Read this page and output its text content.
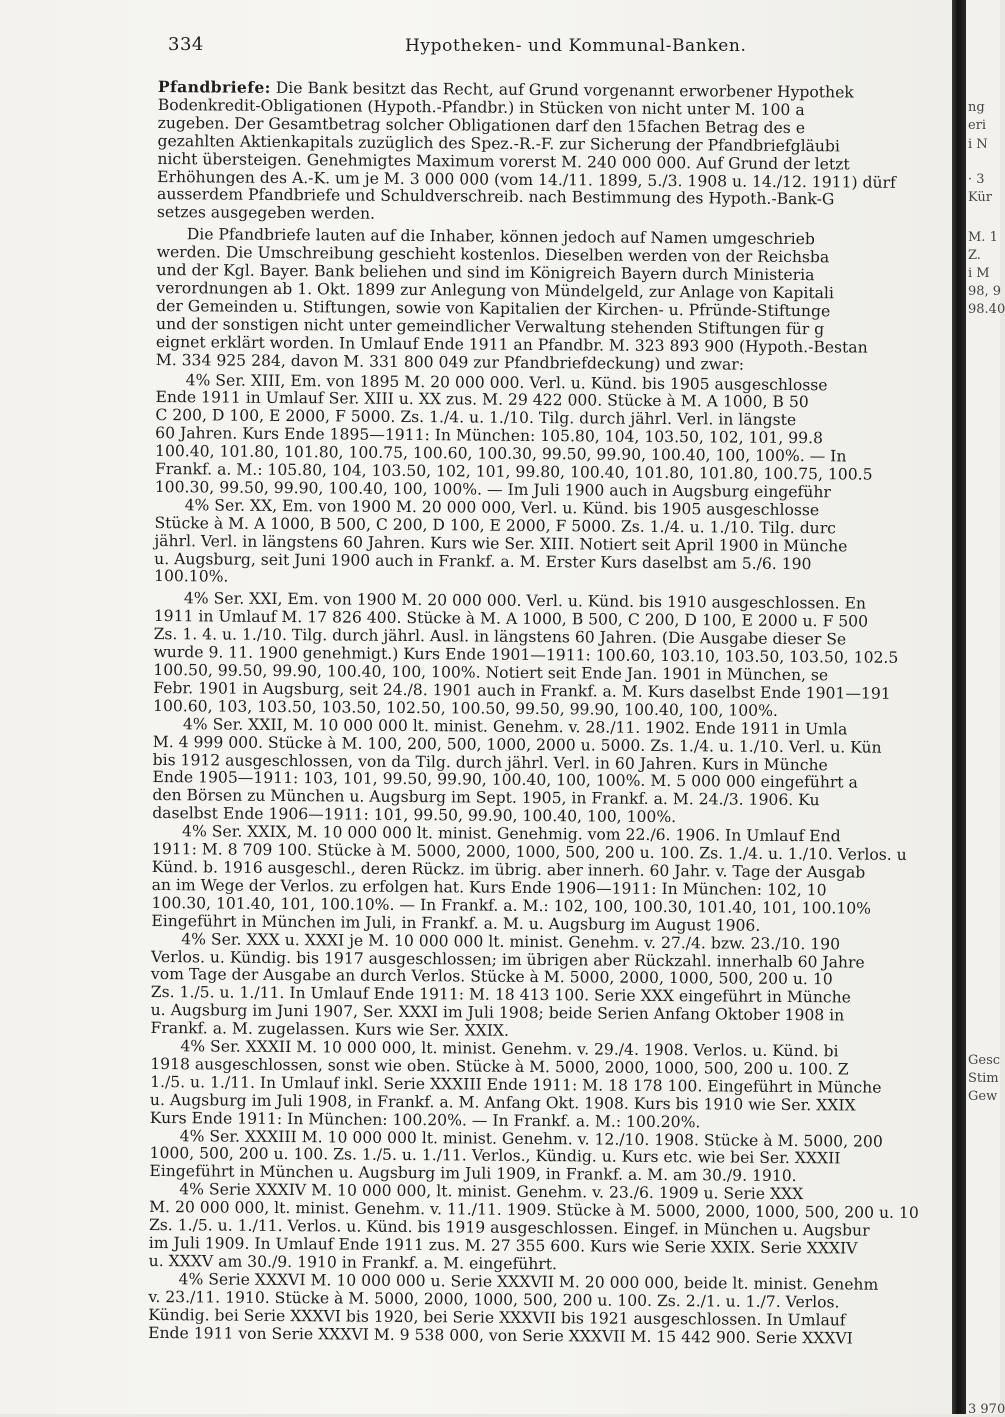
334	Hypotheken- und Kommunal-Banken.
Pfandbriefe: Die Bank besitzt das Recht, auf Grund vorgenannt erworbener Hypothek
Bodenkredit-Obligationen (Hypoth.-Pfandbr.) in Stücken von nicht unter M. 100 a
zugeben. Der Gesamtbetrag solcher Obligationen darf den 15fachen Betrag des e
gezahlten Aktienkapitals zuzüglich des Spez.-R.-F. zur Sicherung der Pfandbriefgläubi
nicht übersteigen. Genehmigtes Maximum vorerst M. 240 000 000. Auf Grund der letzt
Erhöhungen des A.-K. um je M. 3 000 000 (vom 14./11. 1899, 5./3. 1908 u. 14./12. 1911) dürf
ausserdem Pfandbriefe und Schuldverschreib. nach Bestimmung des Hypoth.-Bank-G
setzes ausgegeben werden.
Die Pfandbriefe lauten auf die Inhaber, können jedoch auf Namen umgeschrieb
werden. Die Umschreibung geschieht kostenlos. Dieselben werden von der Reichsba
und der Kgl. Bayer. Bank beliehen und sind im Königreich Bayern durch Ministeria
verordnungen ab 1. Okt. 1899 zur Anlegung von Mündelgeld, zur Anlage von Kapitali
der Gemeinden u. Stiftungen, sowie von Kapitalien der Kirchen- u. Pfründe-Stiftunge
und der sonstigen nicht unter gemeindlicher Verwaltung stehenden Stiftungen für g
eignet erklärt worden. In Umlauf Ende 1911 an Pfandbr. M. 323 893 900 (Hypoth.-Bestan
M. 334 925 284, davon M. 331 800 049 zur Pfandbriefdeckung) und zwar:
4% Ser. XIII, Em. von 1895 M. 20 000 000. Verl. u. Künd. bis 1905 ausgeschlosse
Ende 1911 in Umlauf Ser. XIII u. XX zus. M. 29 422 000. Stücke à M. A 1000, B 50
C 200, D 100, E 2000, F 5000. Zs. 1./4. u. 1./10. Tilg. durch jährl. Verl. in längste
60 Jahren. Kurs Ende 1895—1911: In München: 105.80, 104, 103.50, 102, 101, 99.8
100.40, 101.80, 101.80, 100.75, 100.60, 100.30, 99.50, 99.90, 100.40, 100, 100%. — In
Frankf. a. M.: 105.80, 104, 103.50, 102, 101, 99.80, 100.40, 101.80, 101.80, 100.75, 100.5
100.30, 99.50, 99.90, 100.40, 100, 100%. — Im Juli 1900 auch in Augsburg eingeführ
4% Ser. XX, Em. von 1900 M. 20 000 000, Verl. u. Künd. bis 1905 ausgeschlosse
Stücke à M. A 1000, B 500, C 200, D 100, E 2000, F 5000. Zs. 1./4. u. 1./10. Tilg. durc
jährl. Verl. in längstens 60 Jahren. Kurs wie Ser. XIII. Notiert seit April 1900 in Münche
u. Augsburg, seit Juni 1900 auch in Frankf. a. M. Erster Kurs daselbst am 5./6. 190
100.10%.
4% Ser. XXI, Em. von 1900 M. 20 000 000. Verl. u. Künd. bis 1910 ausgeschlossen. En
1911 in Umlauf M. 17 826 400. Stücke à M. A 1000, B 500, C 200, D 100, E 2000 u. F 500
Zs. 1. 4. u. 1./10. Tilg. durch jährl. Ausl. in längstens 60 Jahren. (Die Ausgabe dieser Se
wurde 9. 11. 1900 genehmigt.) Kurs Ende 1901—1911: 100.60, 103.10, 103.50, 103.50, 102.5
100.50, 99.50, 99.90, 100.40, 100, 100%. Notiert seit Ende Jan. 1901 in München, se
Febr. 1901 in Augsburg, seit 24./8. 1901 auch in Frankf. a. M. Kurs daselbst Ende 1901—191
100.60, 103, 103.50, 103.50, 102.50, 100.50, 99.50, 99.90, 100.40, 100, 100%.
4% Ser. XXII, M. 10 000 000 lt. minist. Genehm. v. 28./11. 1902. Ende 1911 in Umla
M. 4 999 000. Stücke à M. 100, 200, 500, 1000, 2000 u. 5000. Zs. 1./4. u. 1./10. Verl. u. Kün
bis 1912 ausgeschlossen, von da Tilg. durch jährl. Verl. in 60 Jahren. Kurs in Münche
Ende 1905—1911: 103, 101, 99.50, 99.90, 100.40, 100, 100%. M. 5 000 000 eingeführt a
den Börsen zu München u. Augsburg im Sept. 1905, in Frankf. a. M. 24./3. 1906. Ku
daselbst Ende 1906—1911: 101, 99.50, 99.90, 100.40, 100, 100%.
4% Ser. XXIX, M. 10 000 000 lt. minist. Genehmig. vom 22./6. 1906. In Umlauf End
1911: M. 8 709 100. Stücke à M. 5000, 2000, 1000, 500, 200 u. 100. Zs. 1./4. u. 1./10. Verlos. u
Künd. b. 1916 ausgeschl., deren Rückz. im übrig. aber innerh. 60 Jahr. v. Tage der Ausgab
an im Wege der Verlos. zu erfolgen hat. Kurs Ende 1906—1911: In München: 102, 10
100.30, 101.40, 101, 100.10%. — In Frankf. a. M.: 102, 100, 100.30, 101.40, 101, 100.10%
Eingeführt in München im Juli, in Frankf. a. M. u. Augsburg im August 1906.
4% Ser. XXX u. XXXI je M. 10 000 000 lt. minist. Genehm. v. 27./4. bzw. 23./10. 190
Verlos. u. Kündig. bis 1917 ausgeschlossen; im übrigen aber Rückzahl. innerhalb 60 Jahre
vom Tage der Ausgabe an durch Verlos. Stücke à M. 5000, 2000, 1000, 500, 200 u. 10
Zs. 1./5. u. 1./11. In Umlauf Ende 1911: M. 18 413 100. Serie XXX eingeführt in Münche
u. Augsburg im Juni 1907, Ser. XXXI im Juli 1908; beide Serien Anfang Oktober 1908 in
Frankf. a. M. zugelassen. Kurs wie Ser. XXIX.
4% Ser. XXXII M. 10 000 000, lt. minist. Genehm. v. 29./4. 1908. Verlos. u. Künd. bi
1918 ausgeschlossen, sonst wie oben. Stücke à M. 5000, 2000, 1000, 500, 200 u. 100. Z
1./5. u. 1./11. In Umlauf inkl. Serie XXXIII Ende 1911: M. 18 178 100. Eingeführt in Münche
u. Augsburg im Juli 1908, in Frankf. a. M. Anfang Okt. 1908. Kurs bis 1910 wie Ser. XXIX
Kurs Ende 1911: In München: 100.20%. — In Frankf. a. M.: 100.20%.
4% Ser. XXXIII M. 10 000 000 lt. minist. Genehm. v. 12./10. 1908. Stücke à M. 5000, 200
1000, 500, 200 u. 100. Zs. 1./5. u. 1./11. Verlos., Kündig. u. Kurs etc. wie bei Ser. XXXII
Eingeführt in München u. Augsburg im Juli 1909, in Frankf. a. M. am 30./9. 1910.
4% Serie XXXIV M. 10 000 000, lt. minist. Genehm. v. 23./6. 1909 u. Serie XXX
M. 20 000 000, lt. minist. Genehm. v. 11./11. 1909. Stücke à M. 5000, 2000, 1000, 500, 200 u. 10
Zs. 1./5. u. 1./11. Verlos. u. Künd. bis 1919 ausgeschlossen. Eingef. in München u. Augsbur
im Juli 1909. In Umlauf Ende 1911 zus. M. 27 355 600. Kurs wie Serie XXIX. Serie XXXIV
u. XXXV am 30./9. 1910 in Frankf. a. M. eingeführt.
4% Serie XXXVI M. 10 000 000 u. Serie XXXVII M. 20 000 000, beide lt. minist. Genehm
v. 23./11. 1910. Stücke à M. 5000, 2000, 1000, 500, 200 u. 100. Zs. 2./1. u. 1./7. Verlos.
Kündig. bei Serie XXXVI bis 1920, bei Serie XXXVII bis 1921 ausgeschlossen. In Umlauf
Ende 1911 von Serie XXXVI M. 9 538 000, von Serie XXXVII M. 15 442 900. Serie XXXVI
ng
eri
i N
· 3
Kür
M. 1
Z.
i M
98, 9
98.40
Gesc
Stim
Gew
3 970
